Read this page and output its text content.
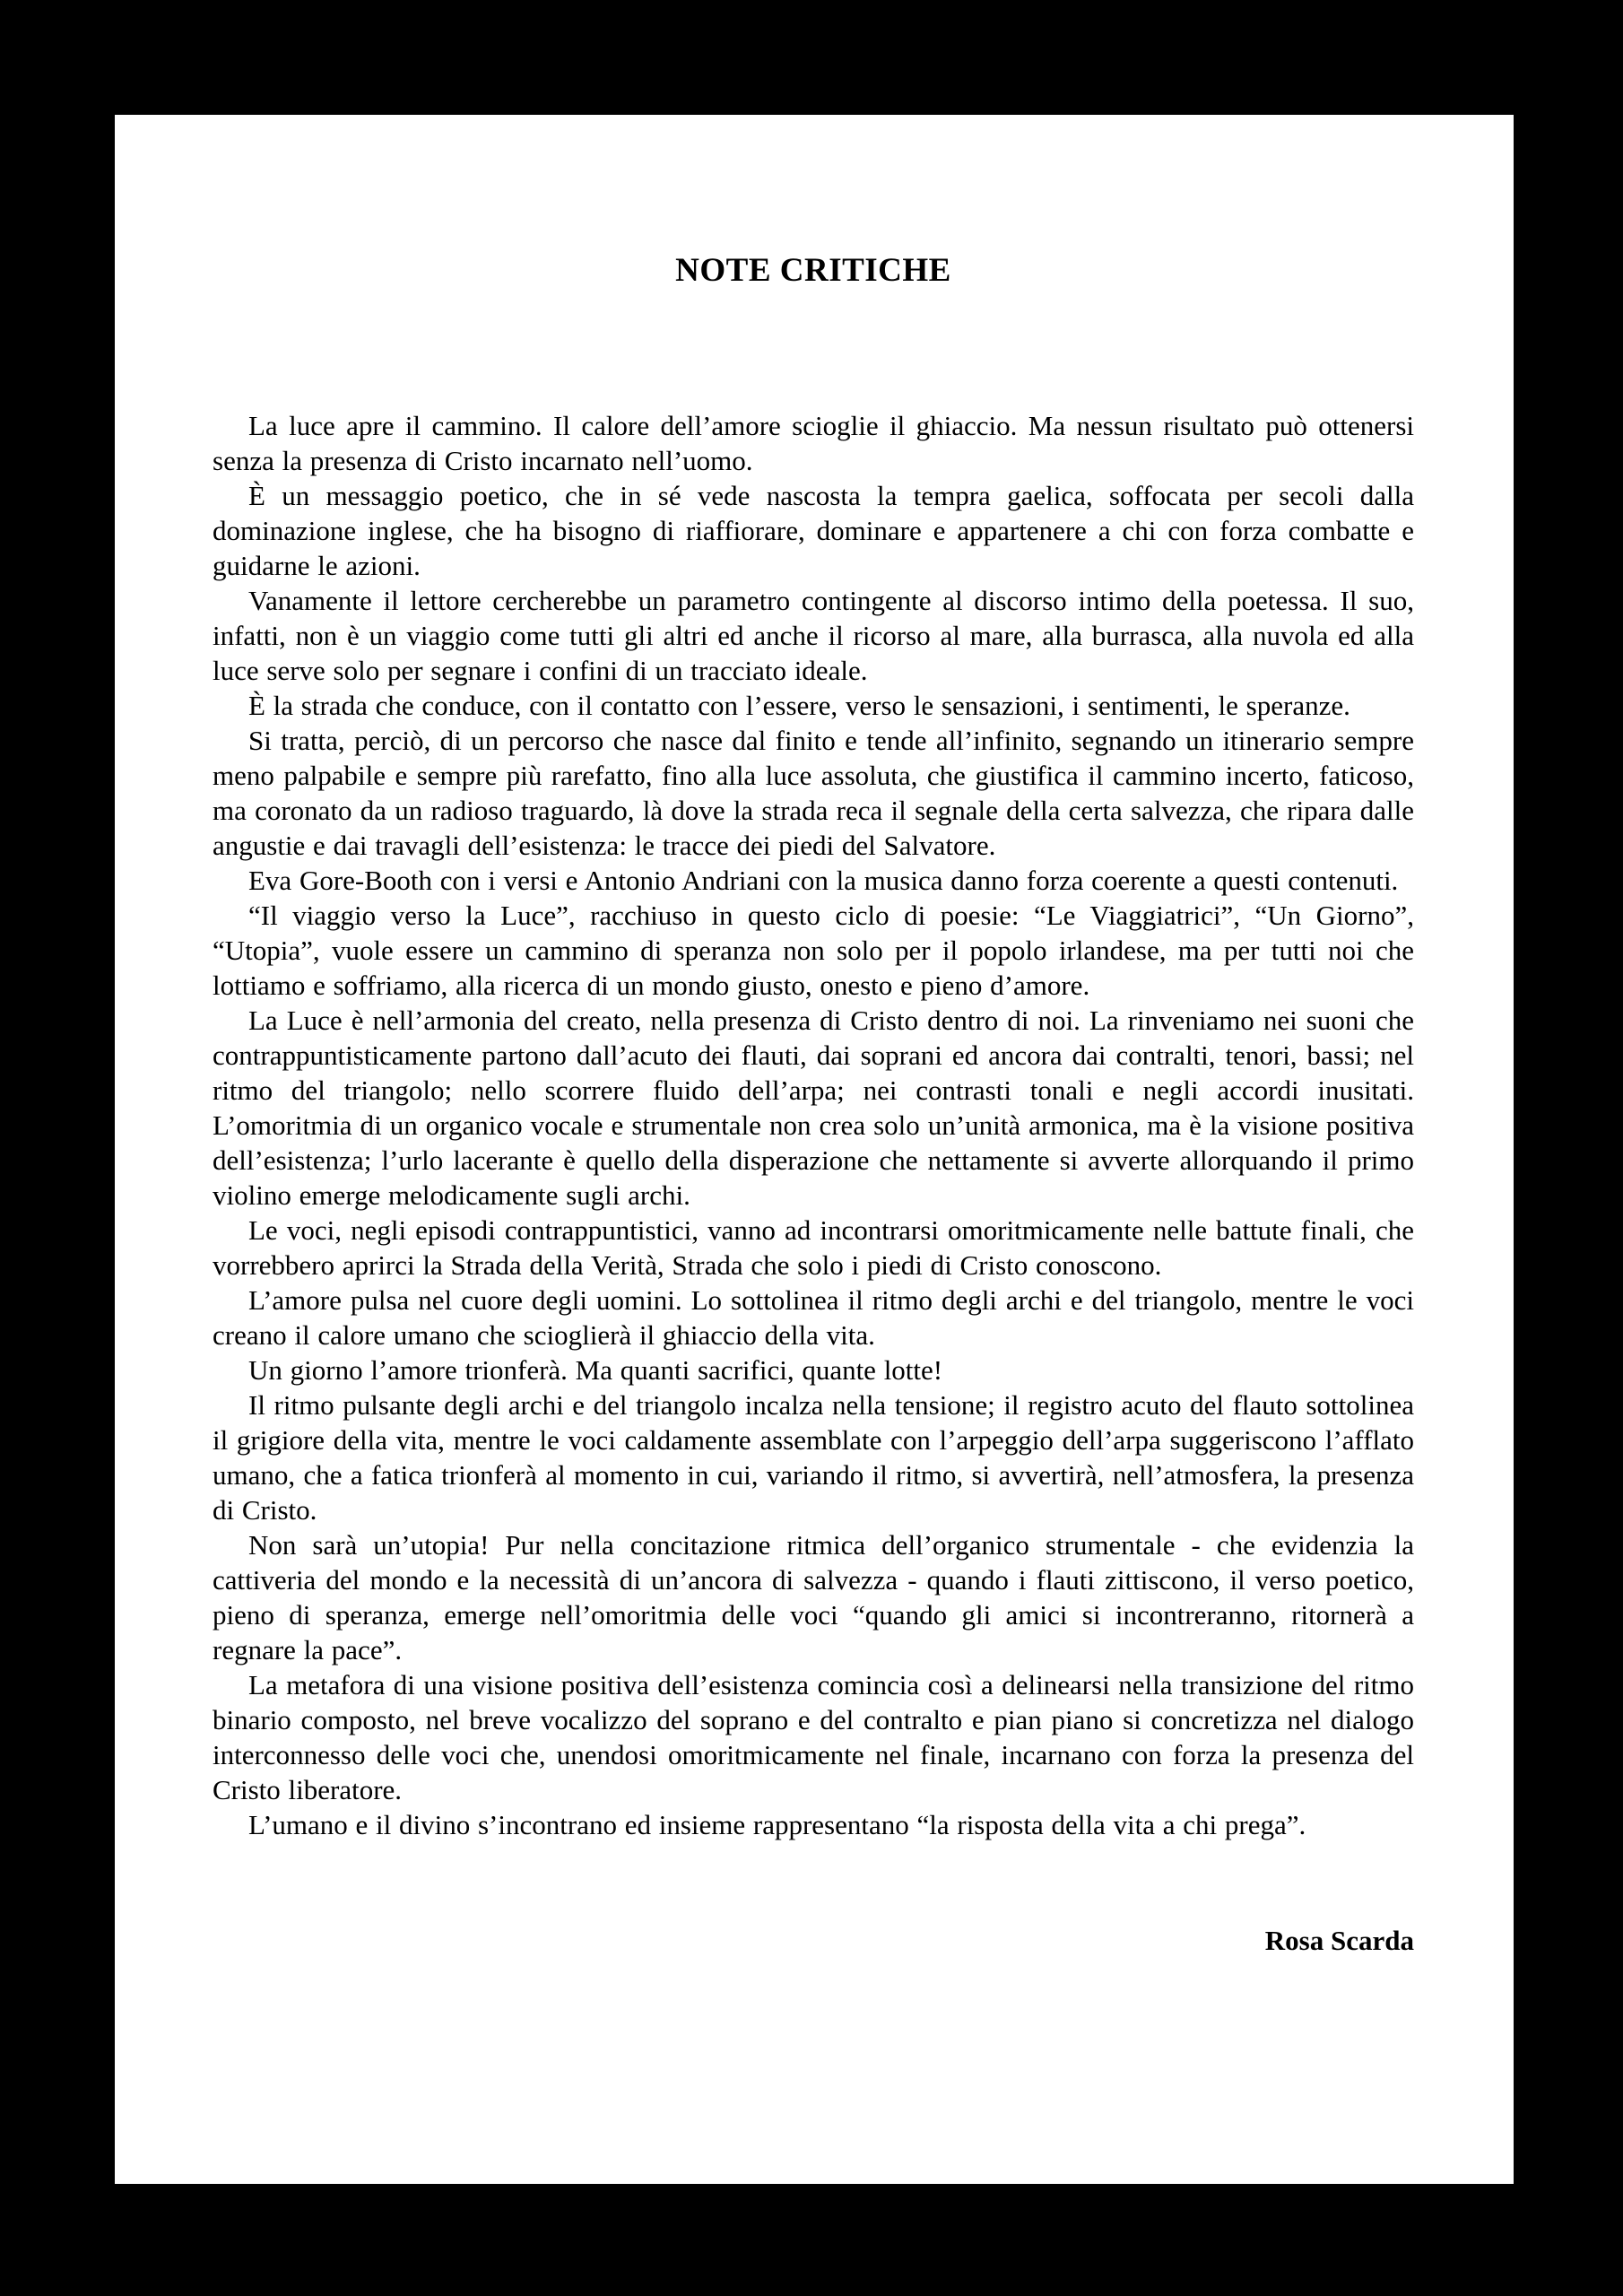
NOTE CRITICHE

La luce apre il cammino. Il calore dell’amore scioglie il ghiaccio. Ma nessun risultato può ottenersi senza la presenza di Cristo incarnato nell’uomo.

È un messaggio poetico, che in sé vede nascosta la tempra gaelica, soffocata per secoli dalla dominazione inglese, che ha bisogno di riaffiorare, dominare e appartenere a chi con forza combatte e guidarne le azioni.

Vanamente il lettore cercherebbe un parametro contingente al discorso intimo della poetessa. Il suo, infatti, non è un viaggio come tutti gli altri ed anche il ricorso al mare, alla burrasca, alla nuvola ed alla luce serve solo per segnare i confini di un tracciato ideale.

È la strada che conduce, con il contatto con l’essere, verso le sensazioni, i sentimenti, le speranze.

Si tratta, perciò, di un percorso che nasce dal finito e tende all’infinito, segnando un itinerario sempre meno palpabile e sempre più rarefatto, fino alla luce assoluta, che giustifica il cammino incerto, faticoso, ma coronato da un radioso traguardo, là dove la strada reca il segnale della certa salvezza, che ripara dalle angustie e dai travagli dell’esistenza: le tracce dei piedi del Salvatore.

Eva Gore-Booth con i versi e Antonio Andriani con la musica danno forza coerente a questi contenuti.

“Il viaggio verso la Luce”, racchiuso in questo ciclo di poesie: “Le Viaggiatrici”, “Un Giorno”, “Utopia”, vuole essere un cammino di speranza non solo per il popolo irlandese, ma per tutti noi che lottiamo e soffriamo, alla ricerca di un mondo giusto, onesto e pieno d’amore.

La Luce è nell’armonia del creato, nella presenza di Cristo dentro di noi. La rinveniamo nei suoni che contrappuntisticamente partono dall’acuto dei flauti, dai soprani ed ancora dai contralti, tenori, bassi; nel ritmo del triangolo; nello scorrere fluido dell’arpa; nei contrasti tonali e negli accordi inusitati. L’omoritmia di un organico vocale e strumentale non crea solo un’unità armonica, ma è la visione positiva dell’esistenza; l’urlo lacerante è quello della disperazione che nettamente si avverte allorquando il primo violino emerge melodicamente sugli archi.

Le voci, negli episodi contrappuntistici, vanno ad incontrarsi omoritmicamente nelle battute finali, che vorrebbero aprirci la Strada della Verità, Strada che solo i piedi di Cristo conoscono.

L’amore pulsa nel cuore degli uomini. Lo sottolinea il ritmo degli archi e del triangolo, mentre le voci creano il calore umano che scioglierà il ghiaccio della vita.

Un giorno l’amore trionferà. Ma quanti sacrifici, quante lotte!

Il ritmo pulsante degli archi e del triangolo incalza nella tensione; il registro acuto del flauto sottolinea il grigiore della vita, mentre le voci caldamente assemblate con l’arpeggio dell’arpa suggeriscono l’afflato umano, che a fatica trionferà al momento in cui, variando il ritmo, si avvertirà, nell’atmosfera, la presenza di Cristo.

Non sarà un’utopia! Pur nella concitazione ritmica dell’organico strumentale - che evidenzia la cattiveria del mondo e la necessità di un’ancora di salvezza - quando i flauti zittiscono, il verso poetico, pieno di speranza, emerge nell’omoritmia delle voci “quando gli amici si incontreranno, ritornerà a regnare la pace”.

La metafora di una visione positiva dell’esistenza comincia così a delinearsi nella transizione del ritmo binario composto, nel breve vocalizzo del soprano e del contralto e pian piano si concretizza nel dialogo interconnesso delle voci che, unendosi omoritmicamente nel finale, incarnano con forza la presenza del Cristo liberatore.

L’umano e il divino s’incontrano ed insieme rappresentano “la risposta della vita a chi prega”.

Rosa Scarda
